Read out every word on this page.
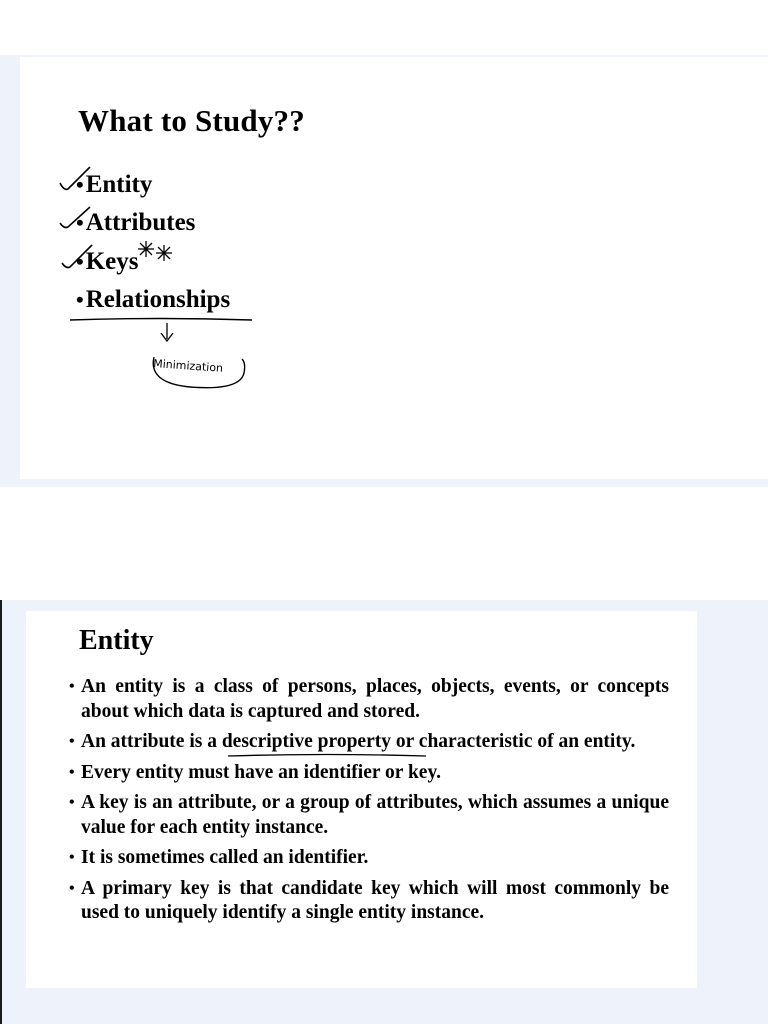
What to Study??
•Entity
•Attributes
•Keys
•Relationships
Minimization
Entity
• An entity is a class of persons, places, objects, events, or concepts about which data is captured and stored.
• An attribute is a descriptive property or characteristic of an entity.
• Every entity must have an identifier or key.
• A key is an attribute, or a group of attributes, which assumes a unique value for each entity instance.
• It is sometimes called an identifier.
• A primary key is that candidate key which will most commonly be used to uniquely identify a single entity instance.
